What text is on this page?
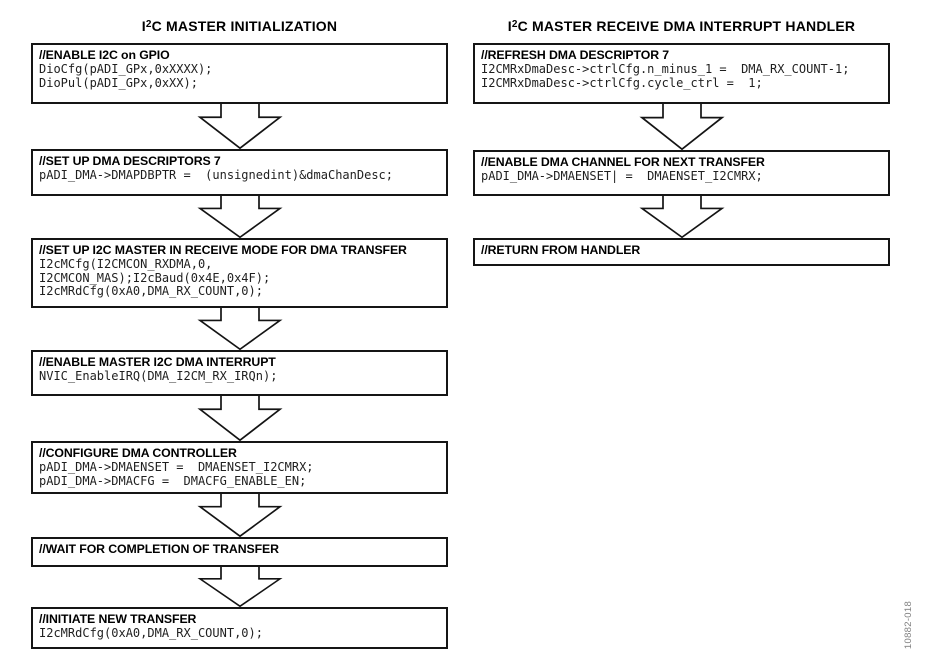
$I^2C$ MASTER INITIALIZATION	$I^2C$ MASTER RECEIVE DMA INTERRUPT HANDLER
//ENABLE I2C on GPIO
DioCfg(pADI_GPx,0xXXXX);
DioPul(pADI_GPx,0xXX);
//SET UP DMA DESCRIPTORS 7
pADI_DMA->DMAPDBPTR =  (unsignedint)&dmaChanDesc;
//SET UP I2C MASTER IN RECEIVE MODE FOR DMA TRANSFER
I2cMCfg(I2CMCON_RXDMA,0,
I2CMCON_MAS);I2cBaud(0x4E,0x4F);
I2cMRdCfg(0xA0,DMA_RX_COUNT,0);
//ENABLE MASTER I2C DMA INTERRUPT
NVIC_EnableIRQ(DMA_I2CM_RX_IRQn);
//CONFIGURE DMA CONTROLLER
pADI_DMA->DMAENSET =  DMAENSET_I2CMRX;
pADI_DMA->DMACFG =  DMACFG_ENABLE_EN;
//WAIT FOR COMPLETION OF TRANSFER
//INITIATE NEW TRANSFER
I2cMRdCfg(0xA0,DMA_RX_COUNT,0);
//REFRESH DMA DESCRIPTOR 7
I2CMRxDmaDesc->ctrlCfg.n_minus_1 =  DMA_RX_COUNT-1;
I2CMRxDmaDesc->ctrlCfg.cycle_ctrl =  1;
//ENABLE DMA CHANNEL FOR NEXT TRANSFER
pADI_DMA->DMAENSET| =  DMAENSET_I2CMRX;
//RETURN FROM HANDLER
10882-018
